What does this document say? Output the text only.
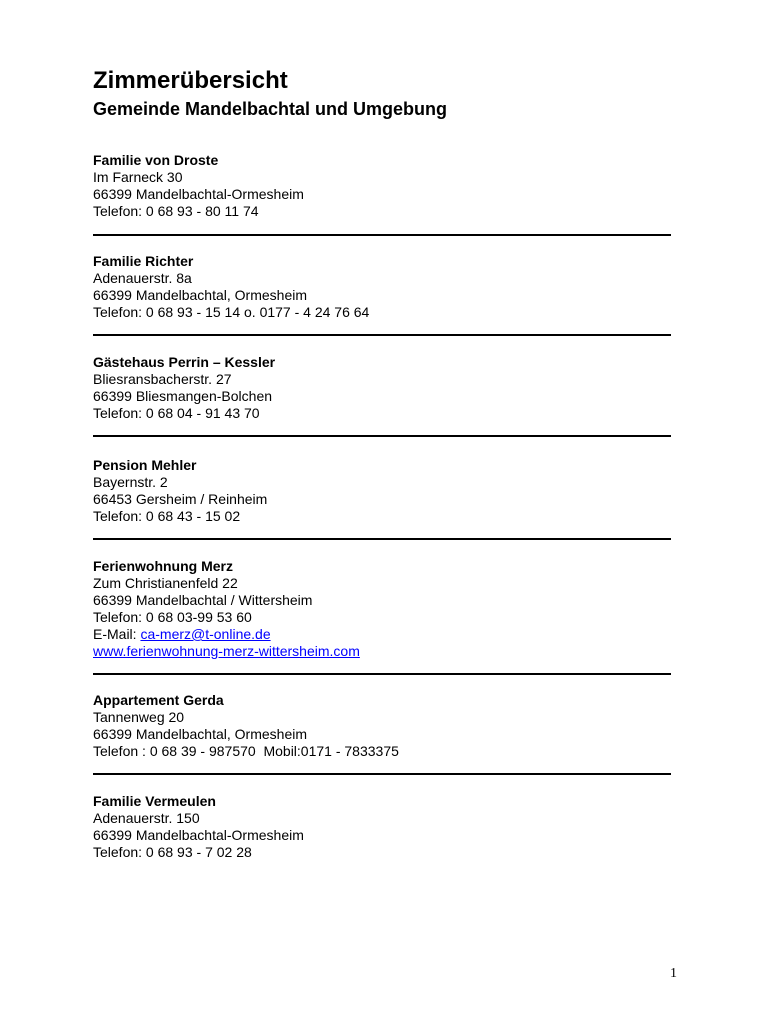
Zimmerübersicht
Gemeinde Mandelbachtal und Umgebung
Familie von Droste
Im Farneck 30
66399 Mandelbachtal-Ormesheim
Telefon: 0 68 93 - 80 11 74
Familie Richter
Adenauerstr. 8a
66399 Mandelbachtal, Ormesheim
Telefon: 0 68 93 - 15 14 o. 0177 - 4 24 76 64
Gästehaus Perrin – Kessler
Bliesransbacherstr. 27
66399 Bliesmangen-Bolchen
Telefon: 0 68 04 - 91 43 70
Pension Mehler
Bayernstr. 2
66453 Gersheim / Reinheim
Telefon: 0 68 43 - 15 02
Ferienwohnung Merz
Zum Christianenfeld 22
66399 Mandelbachtal / Wittersheim
Telefon: 0 68 03-99 53 60
E-Mail: ca-merz@t-online.de
www.ferienwohnung-merz-wittersheim.com
Appartement Gerda
Tannenweg 20
66399 Mandelbachtal, Ormesheim
Telefon : 0 68 39 - 987570  Mobil:0171 - 7833375
Familie Vermeulen
Adenauerstr. 150
66399 Mandelbachtal-Ormesheim
Telefon: 0 68 93 - 7 02 28
1
